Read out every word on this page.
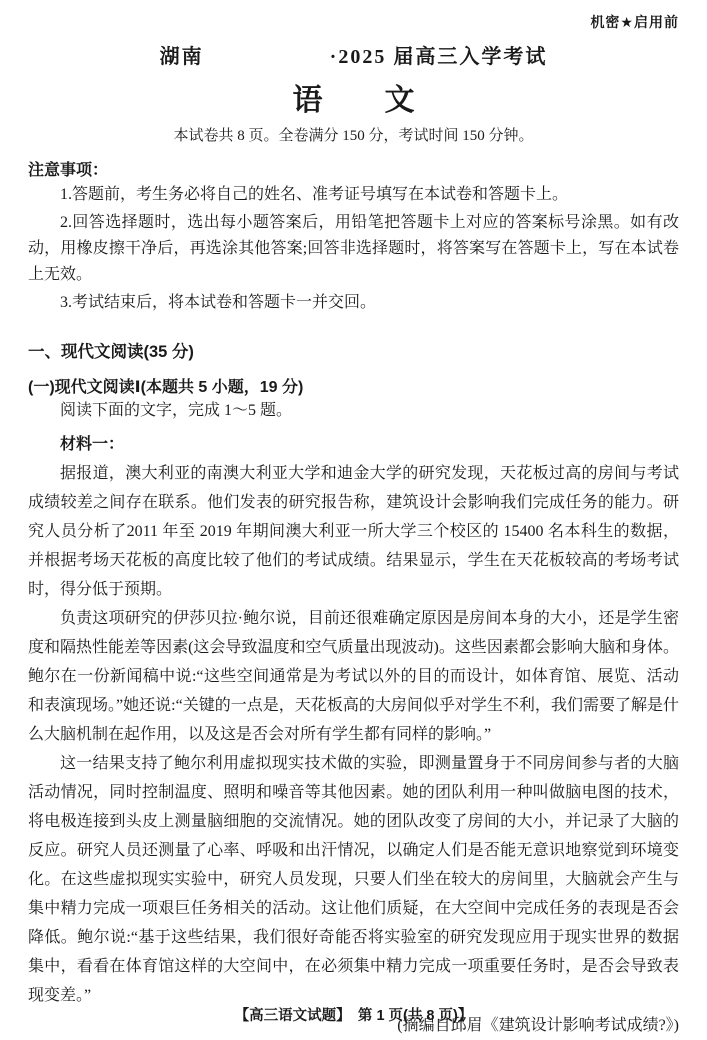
机密★启用前
湖南	·2025 届高三入学考试
语　文
本试卷共 8 页。全卷满分 150 分，考试时间 150 分钟。
注意事项：

1.答题前，考生务必将自己的姓名、准考证号填写在本试卷和答题卡上。

2.回答选择题时，选出每小题答案后，用铅笔把答题卡上对应的答案标号涂黑。如有改动，用橡皮擦干净后，再选涂其他答案;回答非选择题时，将答案写在答题卡上，写在本试卷上无效。

3.考试结束后，将本试卷和答题卡一并交回。

一、现代文阅读(35 分)
(一)现代文阅读Ⅰ(本题共 5 小题，19 分)

阅读下面的文字，完成 1～5 题。

材料一：

据报道，澳大利亚的南澳大利亚大学和迪金大学的研究发现，天花板过高的房间与考试成绩较差之间存在联系。他们发表的研究报告称，建筑设计会影响我们完成任务的能力。研究人员分析了2011 年至 2019 年期间澳大利亚一所大学三个校区的 15400 名本科生的数据，并根据考场天花板的高度比较了他们的考试成绩。结果显示，学生在天花板较高的考场考试时，得分低于预期。

负责这项研究的伊莎贝拉·鲍尔说，目前还很难确定原因是房间本身的大小，还是学生密度和隔热性能差等因素(这会导致温度和空气质量出现波动)。这些因素都会影响大脑和身体。鲍尔在一份新闻稿中说:“这些空间通常是为考试以外的目的而设计，如体育馆、展览、活动和表演现场。”她还说:“关键的一点是，天花板高的大房间似乎对学生不利，我们需要了解是什么大脑机制在起作用，以及这是否会对所有学生都有同样的影响。”

这一结果支持了鲍尔利用虚拟现实技术做的实验，即测量置身于不同房间参与者的大脑活动情况，同时控制温度、照明和噪音等其他因素。她的团队利用一种叫做脑电图的技术，将电极连接到头皮上测量脑细胞的交流情况。她的团队改变了房间的大小，并记录了大脑的反应。研究人员还测量了心率、呼吸和出汗情况，以确定人们是否能无意识地察觉到环境变化。在这些虚拟现实实验中，研究人员发现，只要人们坐在较大的房间里，大脑就会产生与集中精力完成一项艰巨任务相关的活动。这让他们质疑，在大空间中完成任务的表现是否会降低。鲍尔说:“基于这些结果，我们很好奇能否将实验室的研究发现应用于现实世界的数据集中，看看在体育馆这样的大空间中，在必须集中精力完成一项重要任务时，是否会导致表现变差。”

(摘编自邱眉《建筑设计影响考试成绩?》)
【高三语文试题】　第 1 页(共 8 页)】
